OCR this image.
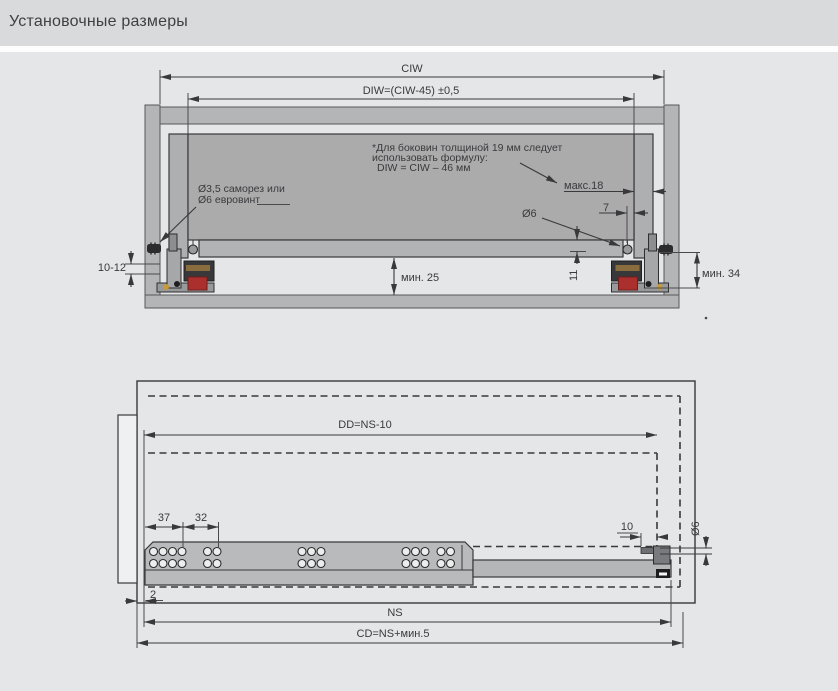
Установочные размеры
CIW
DIW=(CIW-45) ±0,5
*Для боковин толщиной 19 мм следует
использовать формулу:
DIW = CIW – 46 мм
макс.18
7
Ø6
11
мин. 25	мин. 34
10-12
Ø3,5 саморез или
Ø6 евровинт
DD=NS-10
37 32
2
10	Ø6
NS
CD=NS+мин.5
